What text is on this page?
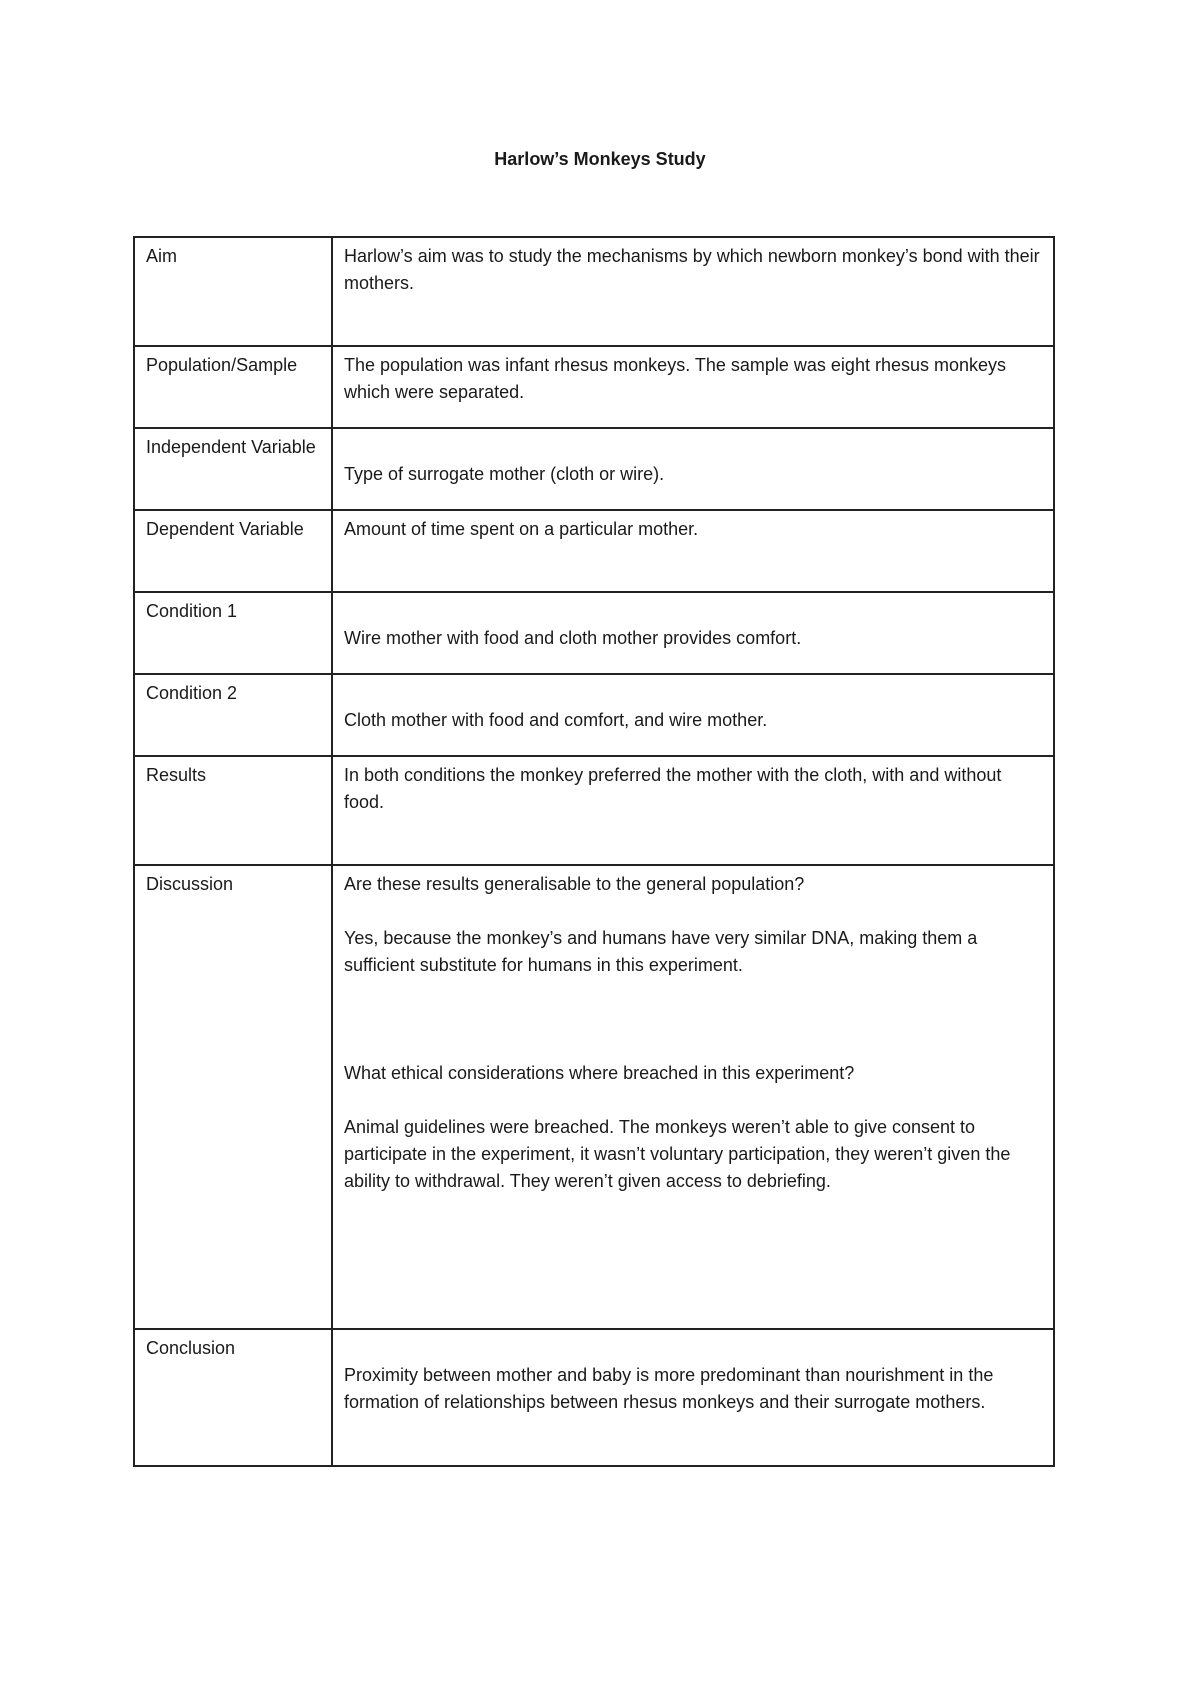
Harlow’s Monkeys Study
Aim	Harlow’s aim was to study the mechanisms by which newborn monkey’s bond with their mothers.

Population/Sample	The population was infant rhesus monkeys. The sample was eight rhesus monkeys which were separated.

Independent Variable	Type of surrogate mother (cloth or wire).

Dependent Variable	Amount of time spent on a particular mother.

Condition 1	Wire mother with food and cloth mother provides comfort.

Condition 2	Cloth mother with food and comfort, and wire mother.

Results	In both conditions the monkey preferred the mother with the cloth, with and without food.

Discussion	Are these results generalisable to the general population?
Yes, because the monkey’s and humans have very similar DNA, making them a sufficient substitute for humans in this experiment.
What ethical considerations where breached in this experiment?
Animal guidelines were breached. The monkeys weren’t able to give consent to participate in the experiment, it wasn’t voluntary participation, they weren’t given the ability to withdrawal. They weren’t given access to debriefing.

Conclusion	Proximity between mother and baby is more predominant than nourishment in the formation of relationships between rhesus monkeys and their surrogate mothers.
